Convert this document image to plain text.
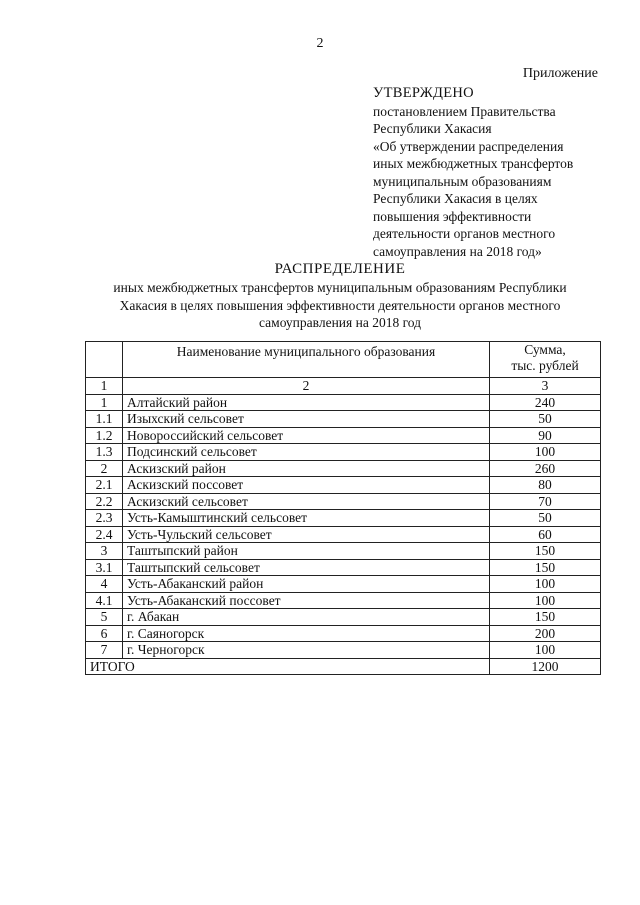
2
Приложение
УТВЕРЖДЕНО
постановлением Правительства
Республики Хакасия
«Об утверждении распределения
иных межбюджетных трансфертов
муниципальным образованиям
Республики Хакасия в целях
повышения эффективности
деятельности органов местного
самоуправления на 2018 год»
РАСПРЕДЕЛЕНИЕ
иных межбюджетных трансфертов муниципальным образованиям Республики
Хакасия в целях повышения эффективности деятельности органов местного
самоуправления на 2018 год
	Наименование муниципального образования	Сумма,
тыс. рублей

1	2	3
1	Алтайский район	240
1.1	Изыхский сельсовет	50
1.2	Новороссийский сельсовет	90
1.3	Подсинский сельсовет	100
2	Аскизский район	260
2.1	Аскизский поссовет	80
2.2	Аскизский сельсовет	70
2.3	Усть-Камыштинский сельсовет	50
2.4	Усть-Чульский сельсовет	60
3	Таштыпский район	150
3.1	Таштыпский сельсовет	150
4	Усть-Абаканский район	100
4.1	Усть-Абаканский поссовет	100
5	г. Абакан	150
6	г. Саяногорск	200
7	г. Черногорск	100
ИТОГО		1200
